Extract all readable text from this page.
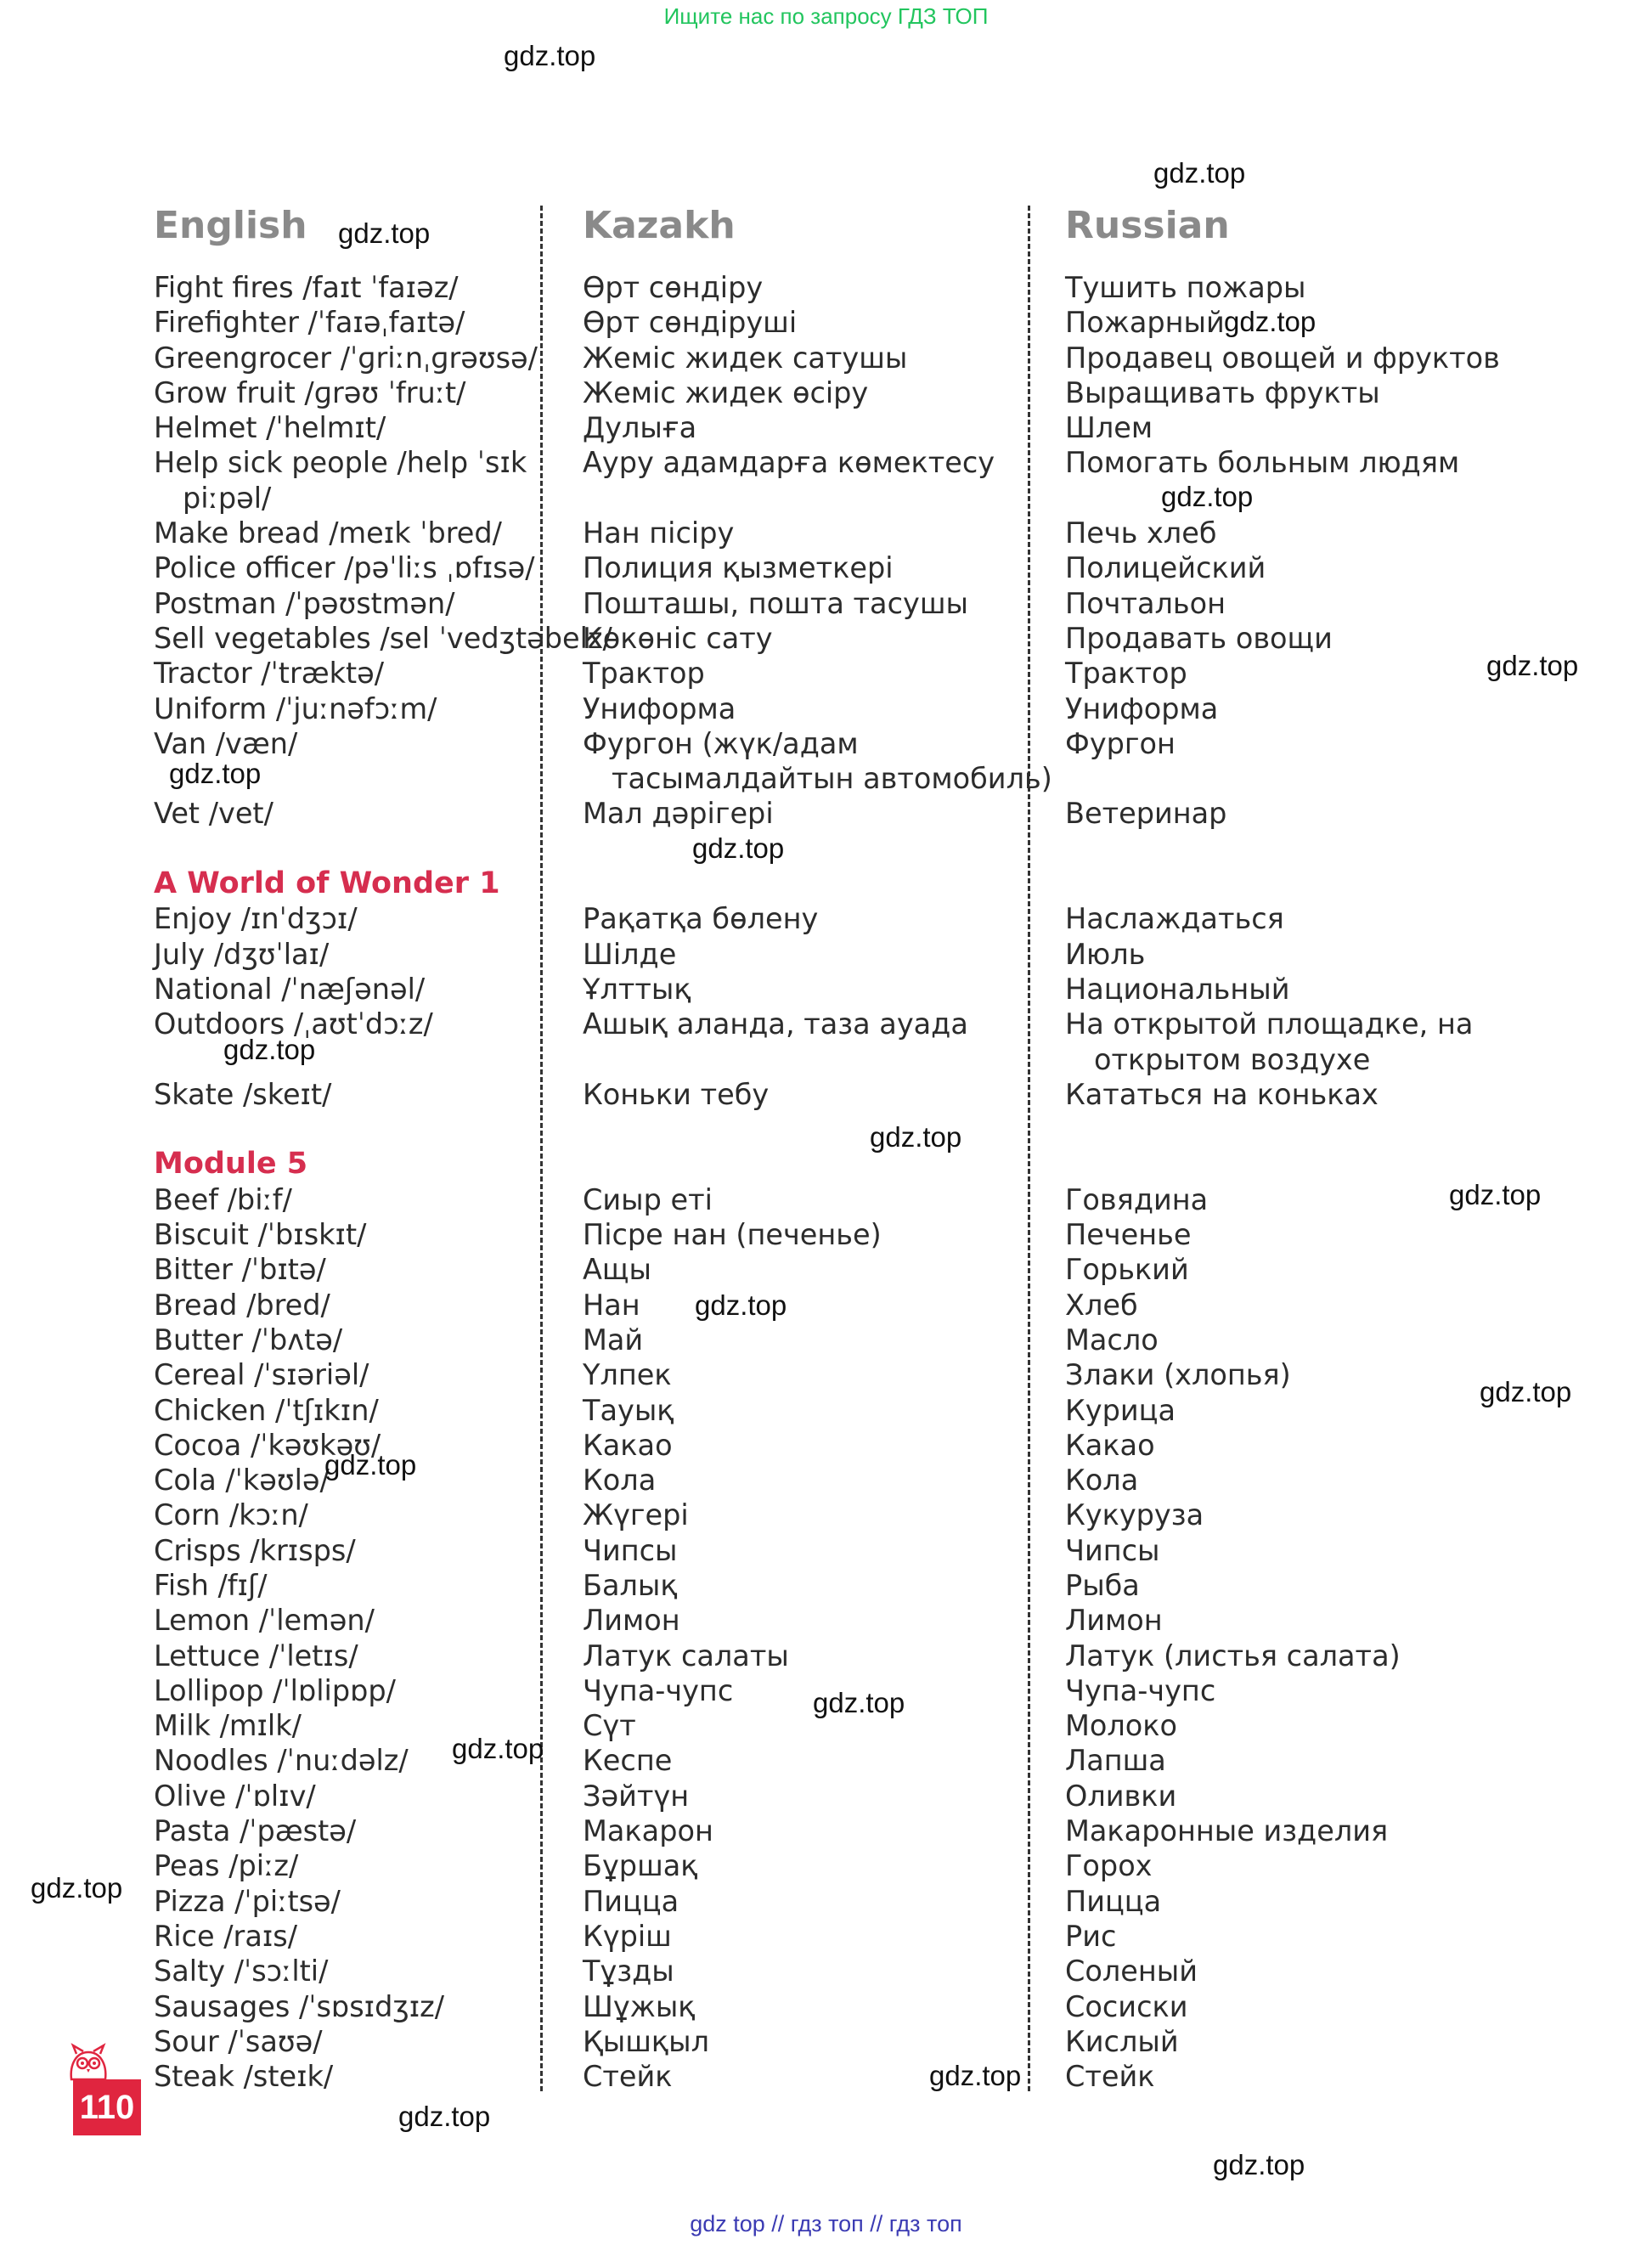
Ищите нас по запросу ГДЗ ТОП
English	Kazakh	Russian
Fight fires /faɪt ˈfaɪəz/
Firefighter /ˈfaɪəˌfaɪtə/
Greengrocer /ˈɡriːnˌɡrəʊsə/
Grow fruit /ɡrəʊ ˈfruːt/
Helmet /ˈhelmɪt/
Help sick people /help ˈsɪk
piːpəl/
Make bread /meɪk ˈbred/
Police officer /pəˈliːs ˌɒfɪsə/
Postman /ˈpəʊstmən/
Sell vegetables /sel ˈvedʒtəbelz/
Tractor /ˈtræktə/
Uniform /ˈjuːnəfɔːm/
Van /væn/
Vet /vet/
A World of Wonder 1
Enjoy /ɪnˈdʒɔɪ/
July /dʒʊˈlaɪ/
National /ˈnæʃənəl/
Outdoors /ˌaʊtˈdɔːz/
Skate /skeɪt/
Module 5
Beef /biːf/
Biscuit /ˈbɪskɪt/
Bitter /ˈbɪtə/
Bread /bred/
Butter /ˈbʌtə/
Cereal /ˈsɪəriəl/
Chicken /ˈtʃɪkɪn/
Cocoa /ˈkəʊkəʊ/
Cola /ˈkəʊlə/
Corn /kɔːn/
Crisps /krɪsps/
Fish /fɪʃ/
Lemon /ˈlemən/
Lettuce /ˈletɪs/
Lollipop /ˈlɒlipɒp/
Milk /mɪlk/
Noodles /ˈnuːdəlz/
Olive /ˈɒlɪv/
Pasta /ˈpæstə/
Peas /piːz/
Pizza /ˈpiːtsə/
Rice /raɪs/
Salty /ˈsɔːlti/
Sausages /ˈsɒsɪdʒɪz/
Sour /ˈsaʊə/
Steak /steɪk/
Өрт сөндіру
Өрт сөндіруші
Жеміс жидек сатушы
Жеміс жидек өсіру
Дулыға
Ауру адамдарға көмектесу
Нан пісіру
Полиция қызметкері
Пошташы, пошта тасушы
Көкөніс сату
Трактор
Униформа
Фургон (жүк/адам
тасымалдайтын автомобиль)
Мал дәрігері
Рақатқа бөлену
Шілде
Ұлттық
Ашық аланда, таза ауада
Коньки тебу
Сиыр еті
Пісре нан (печенье)
Ащы
Нан
Май
Үлпек
Тауық
Какао
Кола
Жүгері
Чипсы
Балық
Лимон
Латук салаты
Чупа-чупс
Сүт
Кеспе
Зәйтүн
Макарон
Бұршақ
Пицца
Күріш
Тұзды
Шұжық
Қышқыл
Стейк
Тушить пожары
Пожарный
Продавец овощей и фруктов
Выращивать фрукты
Шлем
Помогать больным людям
Печь хлеб
Полицейский
Почтальон
Продавать овощи
Трактор
Униформа
Фургон
Ветеринар
Наслаждаться
Июль
Национальный
На открытой площадке, на
открытом воздухе
Кататься на коньках
Говядина
Печенье
Горький
Хлеб
Масло
Злаки (хлопья)
Курица
Какао
Кола
Кукуруза
Чипсы
Рыба
Лимон
Латук (листья салата)
Чупа-чупс
Молоко
Лапша
Оливки
Макаронные изделия
Горох
Пицца
Рис
Соленый
Сосиски
Кислый
Стейк
gdz.top
gdz.top
gdz.top
gdz.top
gdz.top
gdz.top
gdz.top
gdz.top
gdz.top
gdz.top
gdz.top
gdz.top
gdz.top
gdz.top
gdz.top
gdz.top
gdz.top
gdz.top
gdz.top
gdz.top
110
gdz top // гдз топ // гдз топ
